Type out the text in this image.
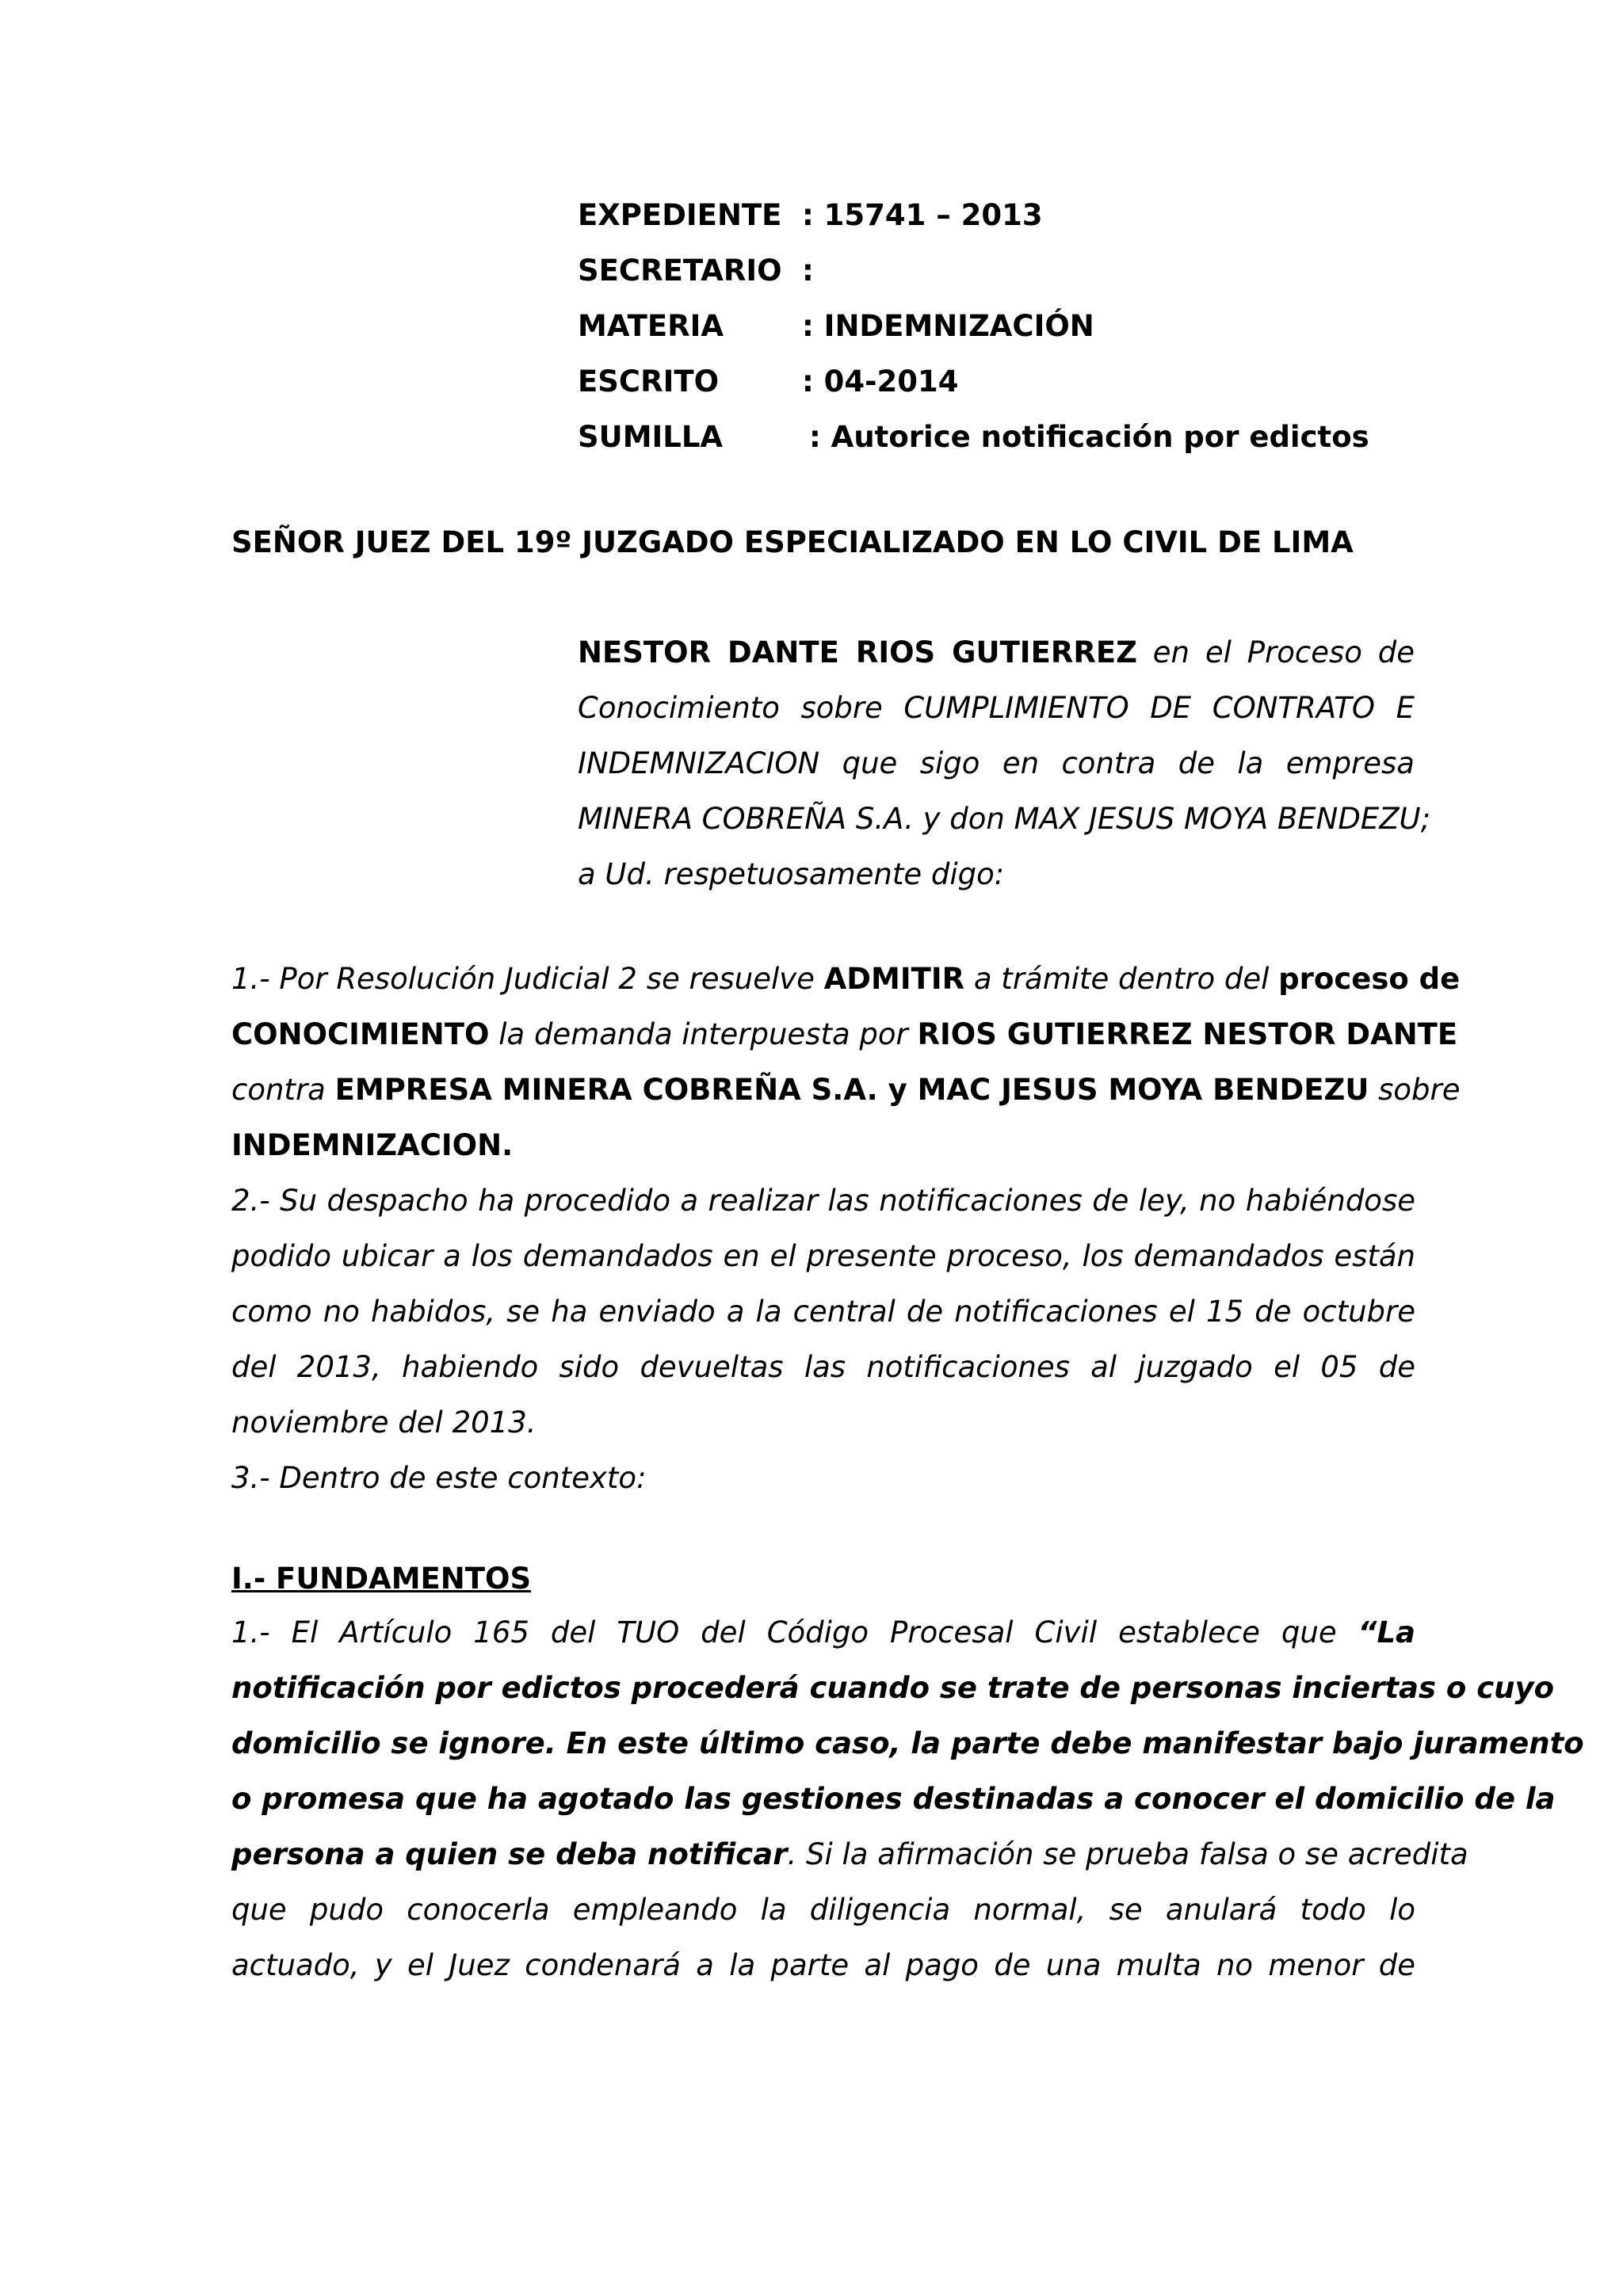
EXPEDIENTE : 15741 – 2013
SECRETARIO :
MATERIA	: INDEMNIZACIÓN
ESCRITO	: 04-2014
SUMILLA	: Autorice notificación por edictos
SEÑOR JUEZ DEL 19º JUZGADO ESPECIALIZADO EN LO CIVIL DE LIMA
NESTOR DANTE RIOS GUTIERREZ en el Proceso de
Conocimiento sobre CUMPLIMIENTO DE CONTRATO E
INDEMNIZACION que sigo en contra de la empresa
MINERA COBREÑA S.A. y don MAX JESUS MOYA BENDEZU;
a Ud. respetuosamente digo:
1.- Por Resolución Judicial 2 se resuelve ADMITIR a trámite dentro del proceso de
CONOCIMIENTO la demanda interpuesta por RIOS GUTIERREZ NESTOR DANTE
contra EMPRESA MINERA COBREÑA S.A. y MAC JESUS MOYA BENDEZU sobre
INDEMNIZACION.
2.- Su despacho ha procedido a realizar las notificaciones de ley, no habiéndose
podido ubicar a los demandados en el presente proceso, los demandados están
como no habidos, se ha enviado a la central de notificaciones el 15 de octubre
del 2013, habiendo sido devueltas las notificaciones al juzgado el 05 de
noviembre del 2013.
3.- Dentro de este contexto:
I.- FUNDAMENTOS
1.- El Artículo 165 del TUO del Código Procesal Civil establece que “La
notificación por edictos procederá cuando se trate de personas inciertas o cuyo
domicilio se ignore. En este último caso, la parte debe manifestar bajo juramento
o promesa que ha agotado las gestiones destinadas a conocer el domicilio de la
persona a quien se deba notificar. Si la afirmación se prueba falsa o se acredita
que pudo conocerla empleando la diligencia normal, se anulará todo lo
actuado, y el Juez condenará a la parte al pago de una multa no menor de
